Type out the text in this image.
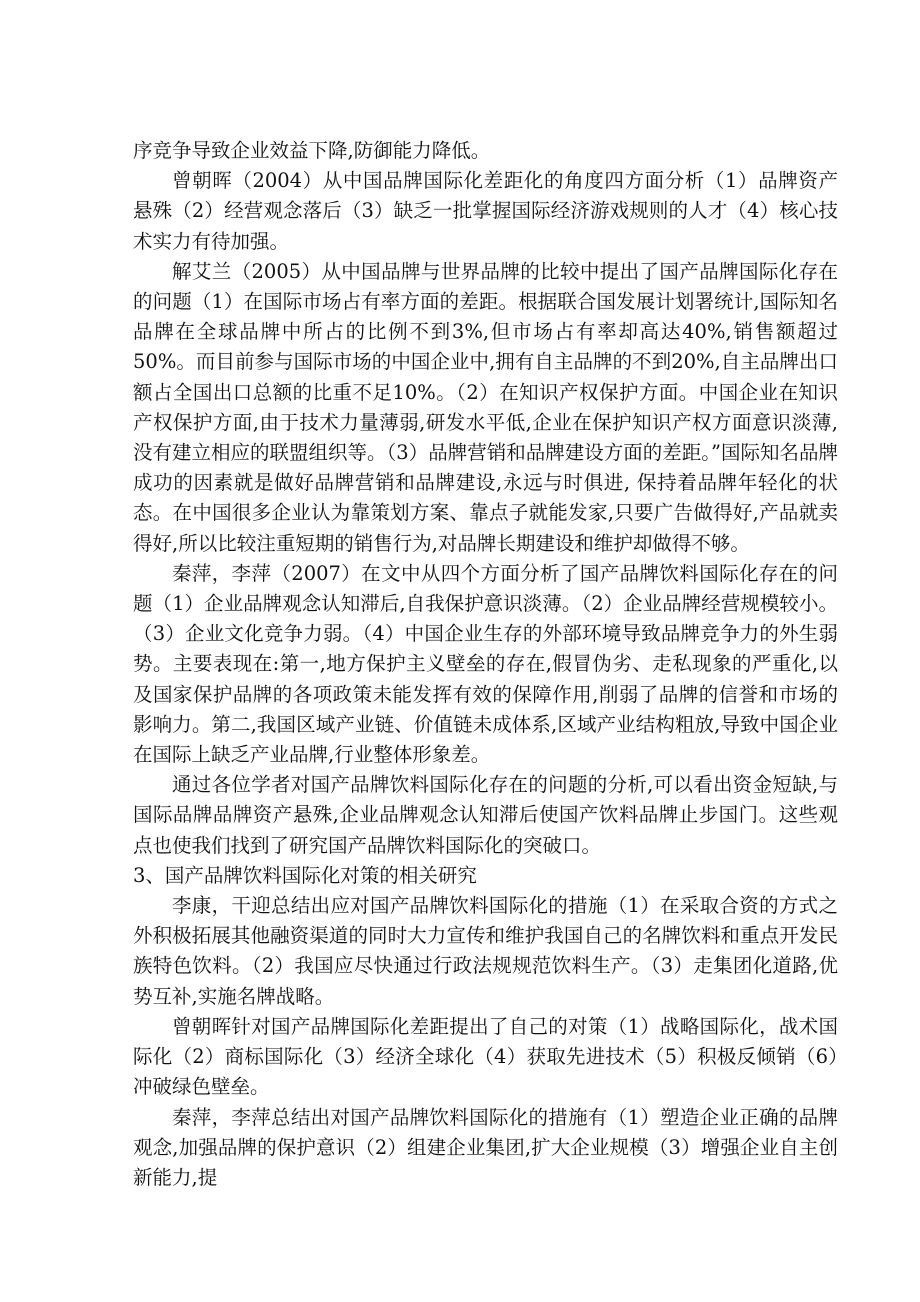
序竞争导致企业效益下降,防御能力降低。

曾朝晖（2004）从中国品牌国际化差距化的角度四方面分析（1）品牌资产悬殊（2）经营观念落后（3）缺乏一批掌握国际经济游戏规则的人才（4）核心技术实力有待加强。

解艾兰（2005）从中国品牌与世界品牌的比较中提出了国产品牌国际化存在的问题（1）在国际市场占有率方面的差距。根据联合国发展计划署统计,国际知名品牌在全球品牌中所占的比例不到3%,但市场占有率却高达40%,销售额超过50%。而目前参与国际市场的中国企业中,拥有自主品牌的不到20%,自主品牌出口额占全国出口总额的比重不足10%。（2）在知识产权保护方面。中国企业在知识产权保护方面,由于技术力量薄弱,研发水平低,企业在保护知识产权方面意识淡薄,没有建立相应的联盟组织等。（3）品牌营销和品牌建设方面的差距。”国际知名品牌成功的因素就是做好品牌营销和品牌建设,永远与时俱进, 保持着品牌年轻化的状态。在中国很多企业认为靠策划方案、靠点子就能发家,只要广告做得好,产品就卖得好,所以比较注重短期的销售行为,对品牌长期建设和维护却做得不够。

秦萍，李萍（2007）在文中从四个方面分析了国产品牌饮料国际化存在的问题（1）企业品牌观念认知滞后,自我保护意识淡薄。（2）企业品牌经营规模较小。（3）企业文化竞争力弱。（4）中国企业生存的外部环境导致品牌竞争力的外生弱势。主要表现在:第一,地方保护主义壁垒的存在,假冒伪劣、走私现象的严重化,以及国家保护品牌的各项政策未能发挥有效的保障作用,削弱了品牌的信誉和市场的影响力。第二,我国区域产业链、价值链未成体系,区域产业结构粗放,导致中国企业在国际上缺乏产业品牌,行业整体形象差。

通过各位学者对国产品牌饮料国际化存在的问题的分析,可以看出资金短缺,与国际品牌品牌资产悬殊,企业品牌观念认知滞后使国产饮料品牌止步国门。这些观点也使我们找到了研究国产品牌饮料国际化的突破口。

3、国产品牌饮料国际化对策的相关研究

李康，干迎总结出应对国产品牌饮料国际化的措施（1）在采取合资的方式之外积极拓展其他融资渠道的同时大力宣传和维护我国自己的名牌饮料和重点开发民族特色饮料。（2）我国应尽快通过行政法规规范饮料生产。（3）走集团化道路,优势互补,实施名牌战略。

曾朝晖针对国产品牌国际化差距提出了自己的对策（1）战略国际化，战术国际化（2）商标国际化（3）经济全球化（4）获取先进技术（5）积极反倾销（6）冲破绿色壁垒。

秦萍，李萍总结出对国产品牌饮料国际化的措施有（1）塑造企业正确的品牌观念,加强品牌的保护意识（2）组建企业集团,扩大企业规模（3）增强企业自主创新能力,提
